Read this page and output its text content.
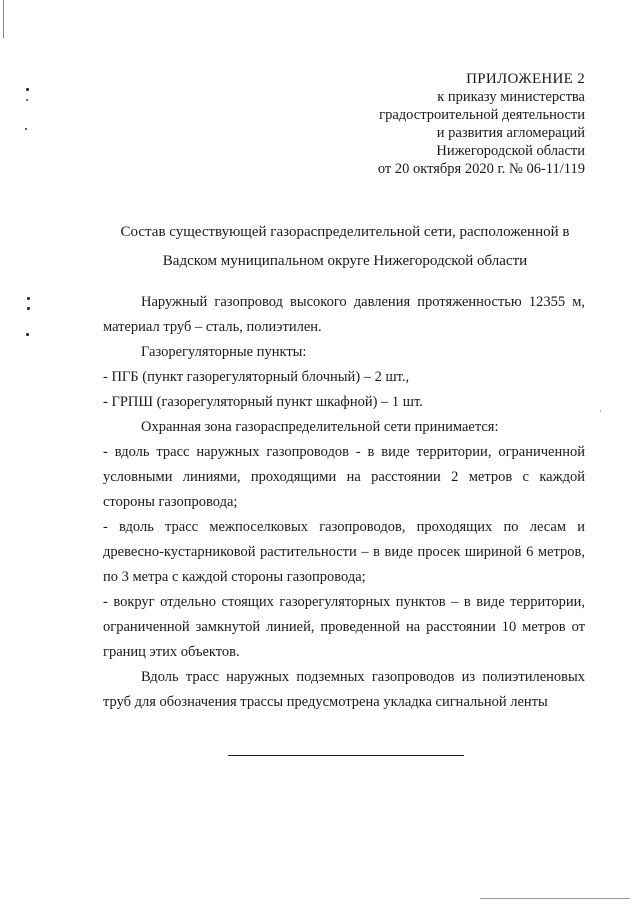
ПРИЛОЖЕНИЕ 2
к приказу министерства
градостроительной деятельности
и развития агломераций
Нижегородской области
от 20 октября 2020 г. № 06-11/119
Состав существующей газораспределительной сети, расположенной в
Вадском муниципальном округе Нижегородской области

Наружный газопровод высокого давления протяженностью 12355 м, материал труб – сталь, полиэтилен.

Газорегуляторные пункты:

- ПГБ (пункт газорегуляторный блочный) – 2 шт.,

- ГРПШ (газорегуляторный пункт шкафной) – 1 шт.

Охранная зона газораспределительной сети принимается:

- вдоль трасс наружных газопроводов - в виде территории, ограниченной условными линиями, проходящими на расстоянии 2 метров с каждой стороны газопровода;

- вдоль трасс межпоселковых газопроводов, проходящих по лесам и древесно-кустарниковой растительности – в виде просек шириной 6 метров, по 3 метра с каждой стороны газопровода;

- вокруг отдельно стоящих газорегуляторных пунктов – в виде территории, ограниченной замкнутой линией, проведенной на расстоянии 10 метров от границ этих объектов.

Вдоль трасс наружных подземных газопроводов из полиэтиленовых труб для обозначения трассы предусмотрена укладка сигнальной ленты
